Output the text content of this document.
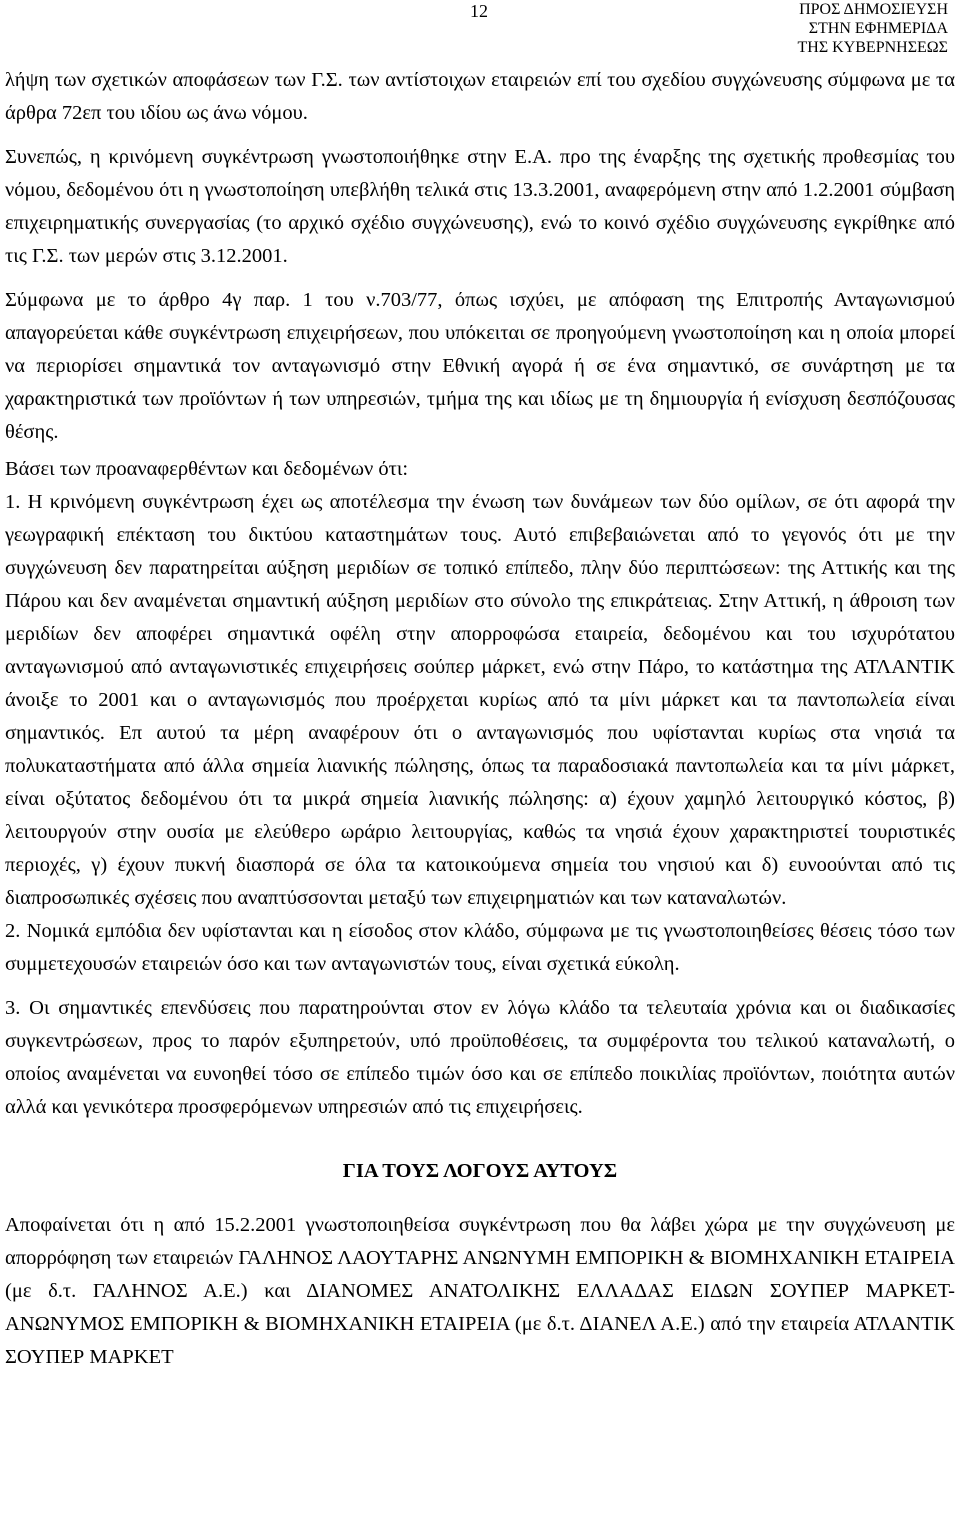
12	ΠΡΟΣ ΔΗΜΟΣΙΕΥΣΗ
ΣΤΗΝ ΕΦΗΜΕΡΙΔΑ
ΤΗΣ ΚΥΒΕΡΝΗΣΕΩΣ

λήψη των σχετικών αποφάσεων των Γ.Σ. των αντίστοιχων εταιρειών επί του σχεδίου συγχώνευσης σύμφωνα με τα άρθρα 72επ του ιδίου ως άνω νόμου.

Συνεπώς, η κρινόμενη συγκέντρωση γνωστοποιήθηκε στην Ε.Α. προ της έναρξης της σχετικής προθεσμίας του νόμου, δεδομένου ότι η γνωστοποίηση υπεβλήθη τελικά στις 13.3.2001, αναφερόμενη στην από 1.2.2001 σύμβαση επιχειρηματικής συνεργασίας (το αρχικό σχέδιο συγχώνευσης), ενώ το κοινό σχέδιο συγχώνευσης εγκρίθηκε από τις Γ.Σ. των μερών στις 3.12.2001.

Σύμφωνα με το άρθρο 4γ παρ. 1 του ν.703/77, όπως ισχύει, με απόφαση της Επιτροπής Ανταγωνισμού απαγορεύεται κάθε συγκέντρωση επιχειρήσεων, που υπόκειται σε προηγούμενη γνωστοποίηση και η οποία μπορεί να περιορίσει σημαντικά τον ανταγωνισμό στην Εθνική αγορά ή σε ένα σημαντικό, σε συνάρτηση με τα χαρακτηριστικά των προϊόντων ή των υπηρεσιών, τμήμα της και ιδίως με τη δημιουργία ή ενίσχυση δεσπόζουσας θέσης.

Βάσει των προαναφερθέντων και δεδομένων ότι:

1. Η κρινόμενη συγκέντρωση έχει ως αποτέλεσμα την ένωση των δυνάμεων των δύο ομίλων, σε ότι αφορά την γεωγραφική επέκταση του δικτύου καταστημάτων τους. Αυτό επιβεβαιώνεται από το γεγονός ότι με την συγχώνευση δεν παρατηρείται αύξηση μεριδίων σε τοπικό επίπεδο, πλην δύο περιπτώσεων: της Αττικής και της Πάρου και δεν αναμένεται σημαντική αύξηση μεριδίων στο σύνολο της επικράτειας. Στην Αττική, η άθροιση των μεριδίων δεν αποφέρει σημαντικά οφέλη στην απορροφώσα εταιρεία, δεδομένου και του ισχυρότατου ανταγωνισμού από ανταγωνιστικές επιχειρήσεις σούπερ μάρκετ, ενώ στην Πάρο, το κατάστημα της ΑΤΛΑΝΤΙΚ άνοιξε το 2001 και ο ανταγωνισμός που προέρχεται κυρίως από τα μίνι μάρκετ και τα παντοπωλεία είναι σημαντικός. Επ αυτού τα μέρη αναφέρουν ότι ο ανταγωνισμός που υφίστανται κυρίως στα νησιά τα πολυκαταστήματα από άλλα σημεία λιανικής πώλησης, όπως τα παραδοσιακά παντοπωλεία και τα μίνι μάρκετ, είναι οξύτατος δεδομένου ότι τα μικρά σημεία λιανικής πώλησης: α) έχουν χαμηλό λειτουργικό κόστος, β) λειτουργούν στην ουσία με ελεύθερο ωράριο λειτουργίας, καθώς τα νησιά έχουν χαρακτηριστεί τουριστικές περιοχές, γ) έχουν πυκνή διασπορά σε όλα τα κατοικούμενα σημεία του νησιού και δ) ευνοούνται από τις διαπροσωπικές σχέσεις που αναπτύσσονται μεταξύ των επιχειρηματιών και των καταναλωτών.

2. Νομικά εμπόδια δεν υφίστανται και η είσοδος στον κλάδο, σύμφωνα με τις γνωστοποιηθείσες θέσεις τόσο των συμμετεχουσών εταιρειών όσο και των ανταγωνιστών τους, είναι σχετικά εύκολη.

3. Οι σημαντικές επενδύσεις που παρατηρούνται στον εν λόγω κλάδο τα τελευταία χρόνια και οι διαδικασίες συγκεντρώσεων, προς το παρόν εξυπηρετούν, υπό προϋποθέσεις, τα συμφέροντα του τελικού καταναλωτή, ο οποίος αναμένεται να ευνοηθεί τόσο σε επίπεδο τιμών όσο και σε επίπεδο ποικιλίας προϊόντων, ποιότητα αυτών αλλά και γενικότερα προσφερόμενων υπηρεσιών από τις επιχειρήσεις.

ΓΙΑ ΤΟΥΣ ΛΟΓΟΥΣ ΑΥΤΟΥΣ

Αποφαίνεται ότι η από 15.2.2001 γνωστοποιηθείσα συγκέντρωση που θα λάβει χώρα με την συγχώνευση με απορρόφηση των εταιρειών ΓΑΛΗΝΟΣ ΛΑΟΥΤΑΡΗΣ ΑΝΩΝΥΜΗ ΕΜΠΟΡΙΚΗ & ΒΙΟΜΗΧΑΝΙΚΗ ΕΤΑΙΡΕΙΑ (με δ.τ. ΓΑΛΗΝΟΣ Α.Ε.) και ΔΙΑΝΟΜΕΣ ΑΝΑΤΟΛΙΚΗΣ ΕΛΛΑΔΑΣ ΕΙΔΩΝ ΣΟΥΠΕΡ ΜΑΡΚΕΤ- ΑΝΩΝΥΜΟΣ ΕΜΠΟΡΙΚΗ & ΒΙΟΜΗΧΑΝΙΚΗ ΕΤΑΙΡΕΙΑ (με δ.τ. ΔΙΑΝΕΛ Α.Ε.) από την εταιρεία ΑΤΛΑΝΤΙΚ ΣΟΥΠΕΡ ΜΑΡΚΕΤ
